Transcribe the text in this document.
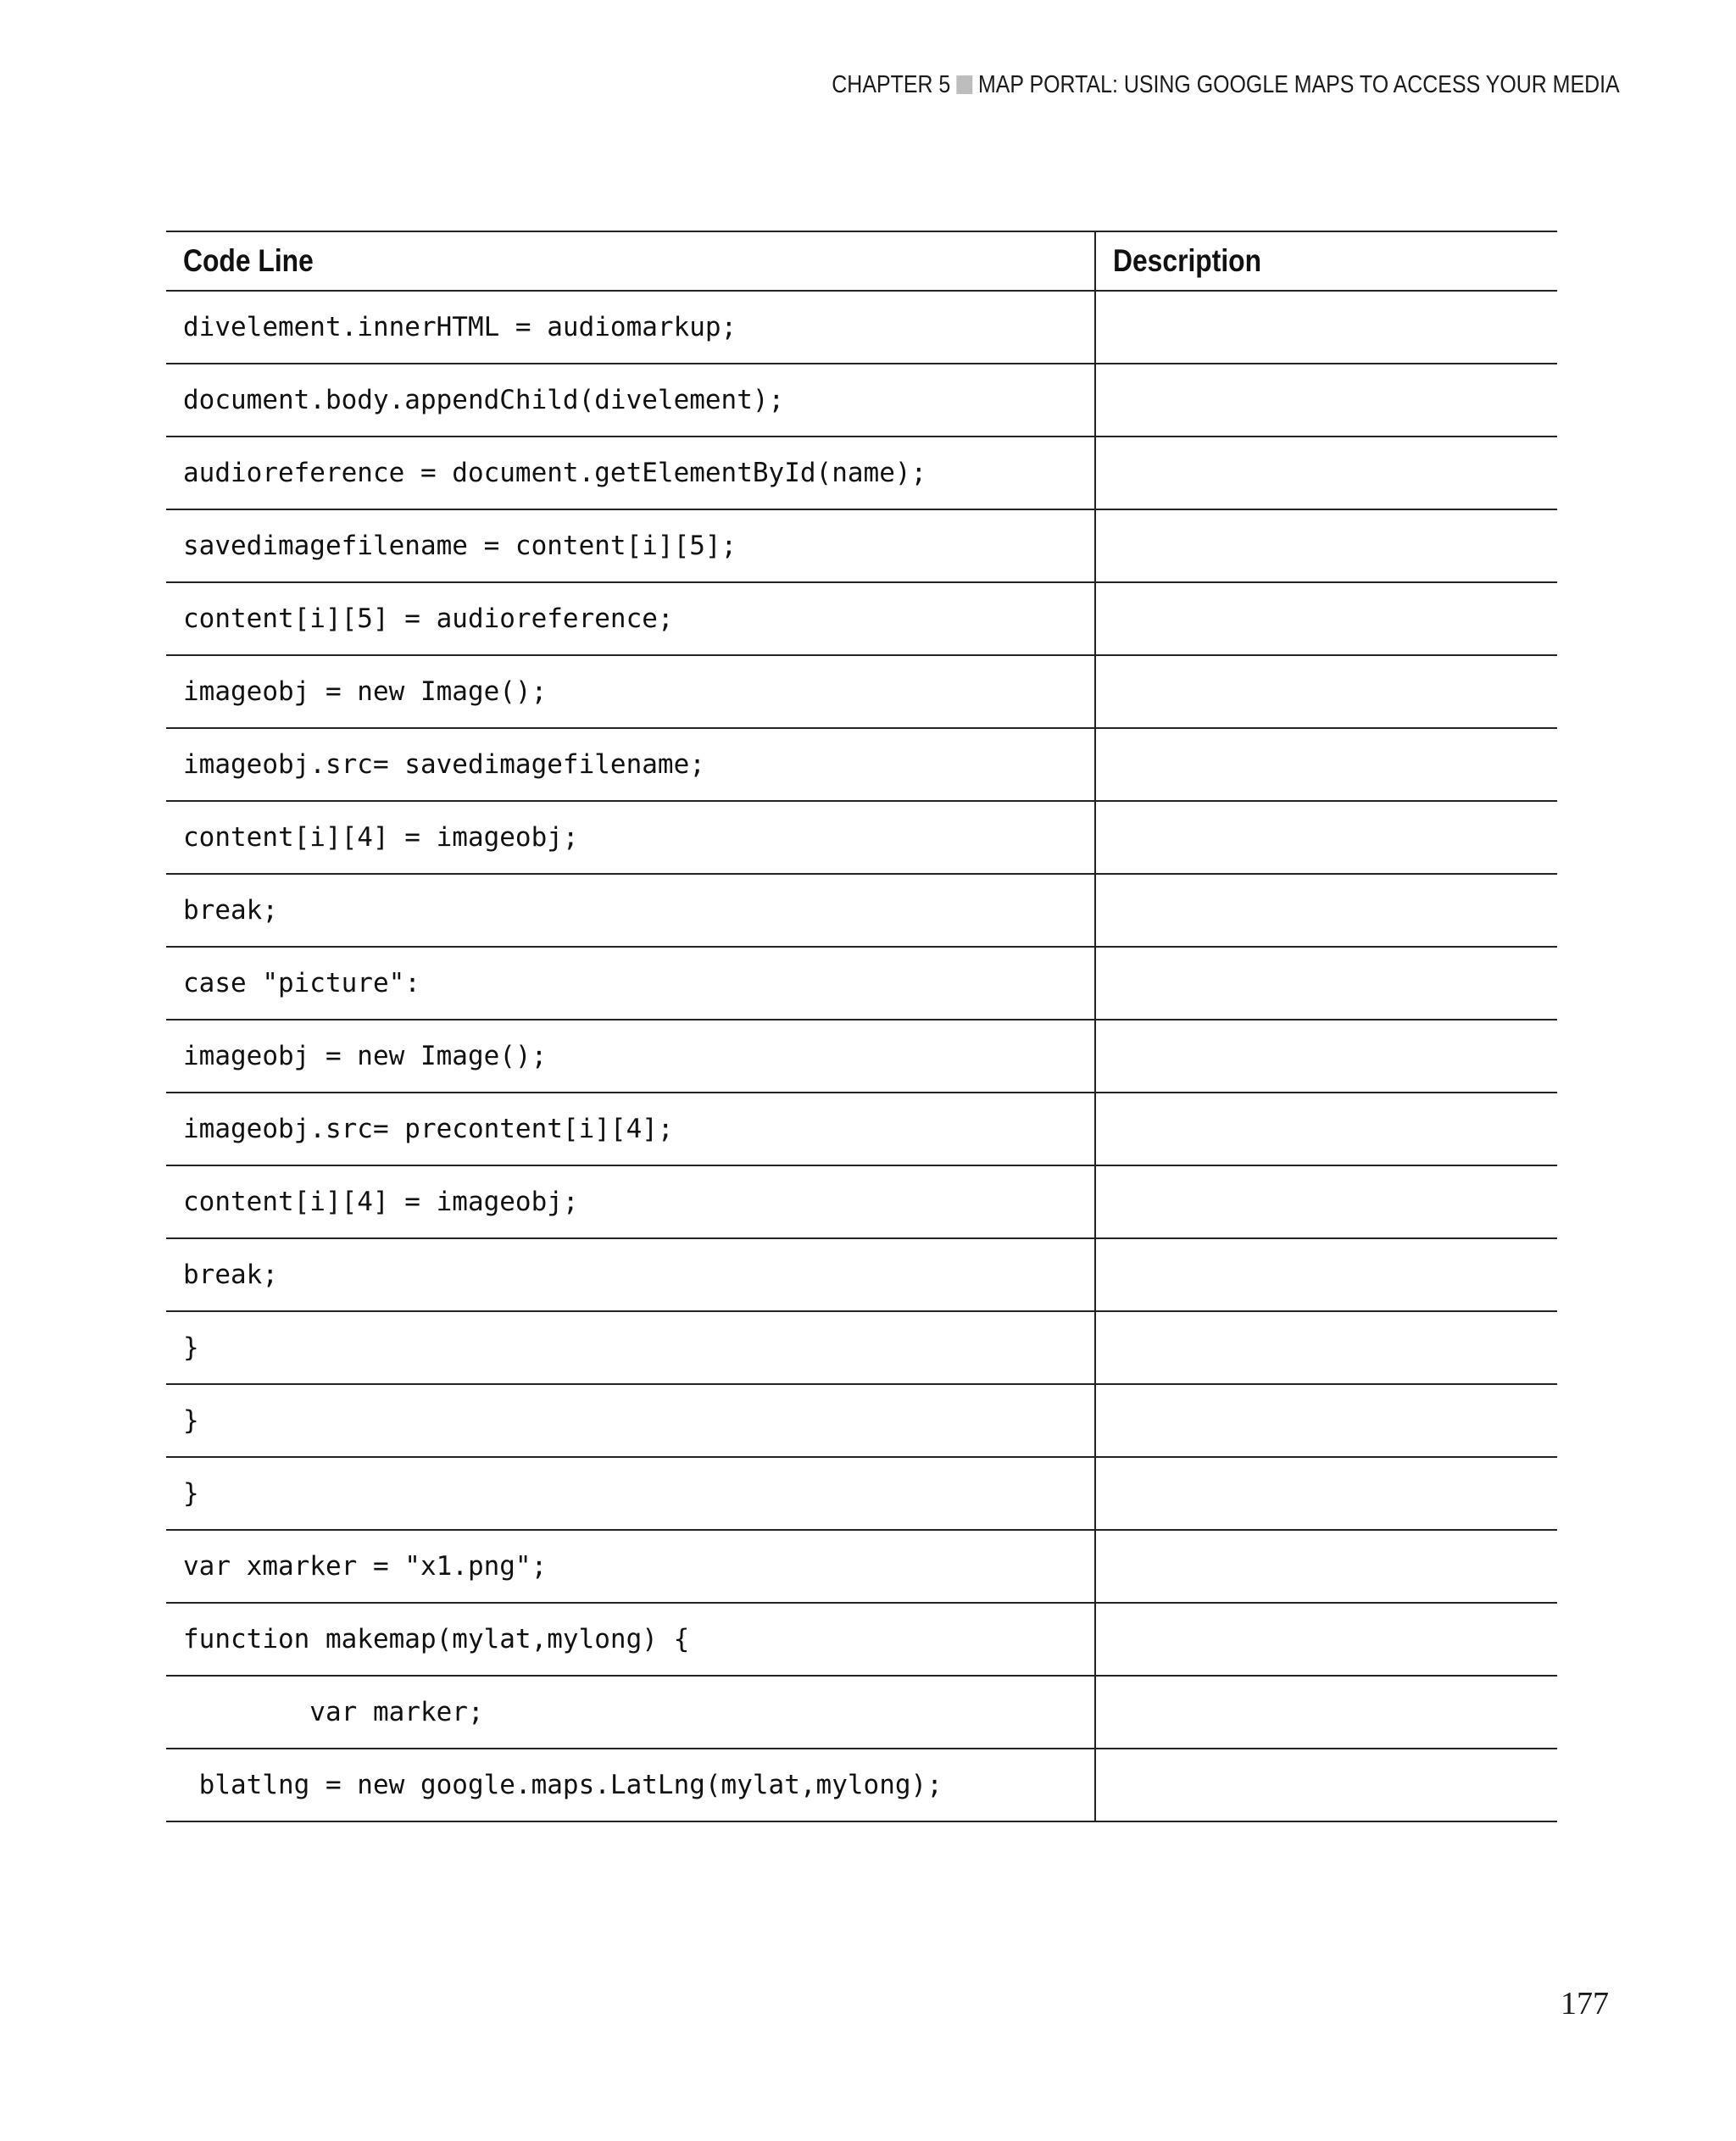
CHAPTER 5 MAP PORTAL: USING GOOGLE MAPS TO ACCESS YOUR MEDIA
Code Line	Description
divelement.innerHTML = audiomarkup;	
document.body.appendChild(divelement);	
audioreference = document.getElementById(name);	
savedimagefilename = content[i][5];	
content[i][5] = audioreference;	
imageobj = new Image();	
imageobj.src= savedimagefilename;	
content[i][4] = imageobj;	
break;	
case "picture":	
imageobj = new Image();	
imageobj.src= precontent[i][4];	
content[i][4] = imageobj;	
break;	
}	
}	
}	
var xmarker = "x1.png";	
function makemap(mylat,mylong) {	
var marker;	
blatlng = new google.maps.LatLng(mylat,mylong);	
177
